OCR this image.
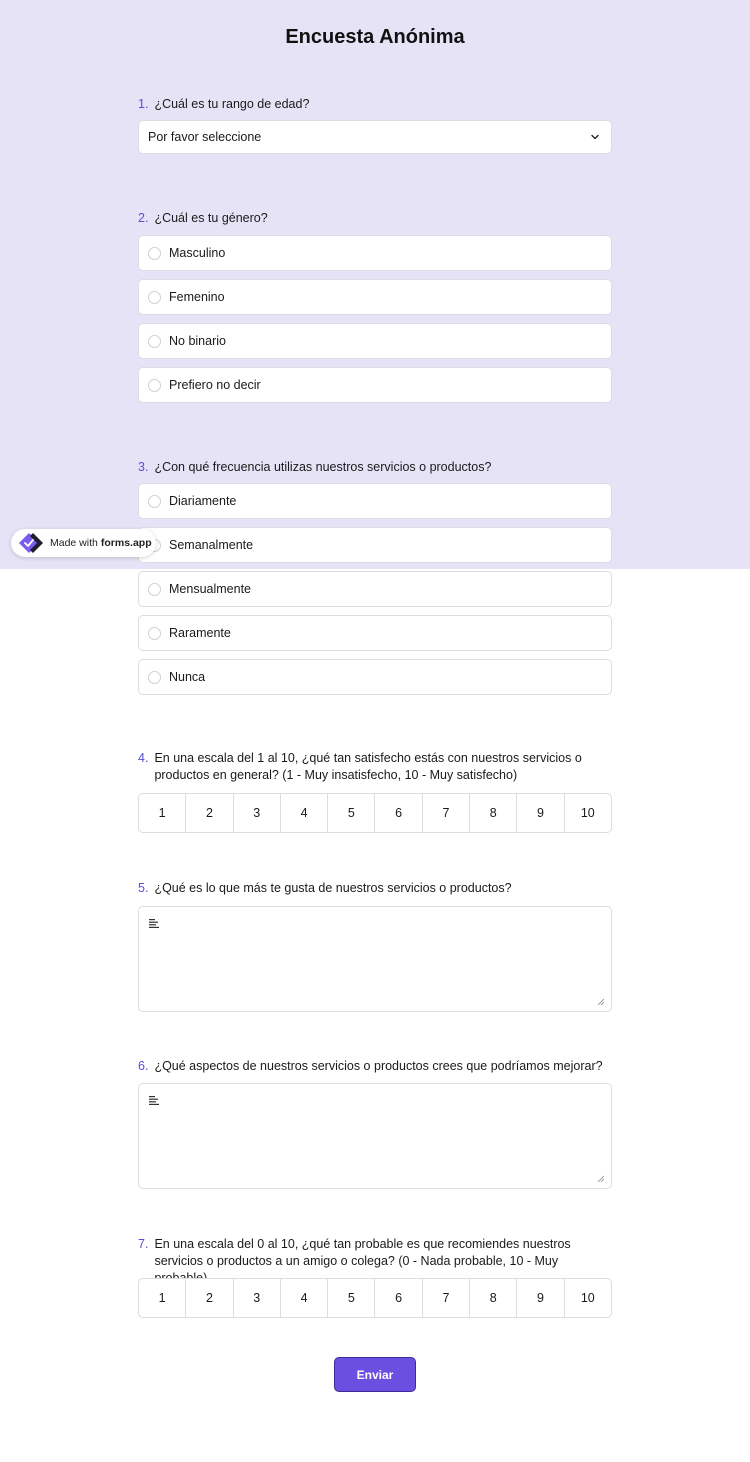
Encuesta Anónima
1. ¿Cuál es tu rango de edad?
Por favor seleccione
2. ¿Cuál es tu género?
Masculino
Femenino
No binario
Prefiero no decir
3. ¿Con qué frecuencia utilizas nuestros servicios o productos?
Diariamente
Semanalmente
Mensualmente
Raramente
Nunca
4. En una escala del 1 al 10, ¿qué tan satisfecho estás con nuestros servicios o productos en general? (1 - Muy insatisfecho, 10 - Muy satisfecho)
1	2	3	4	5	6	7	8	9	10
5. ¿Qué es lo que más te gusta de nuestros servicios o productos?
6. ¿Qué aspectos de nuestros servicios o productos crees que podríamos mejorar?
7. En una escala del 0 al 10, ¿qué tan probable es que recomiendes nuestros servicios o productos a un amigo o colega? (0 - Nada probable, 10 - Muy
1	2	3	4	5	6	7	8	9	10
Enviar
Made with forms.app
